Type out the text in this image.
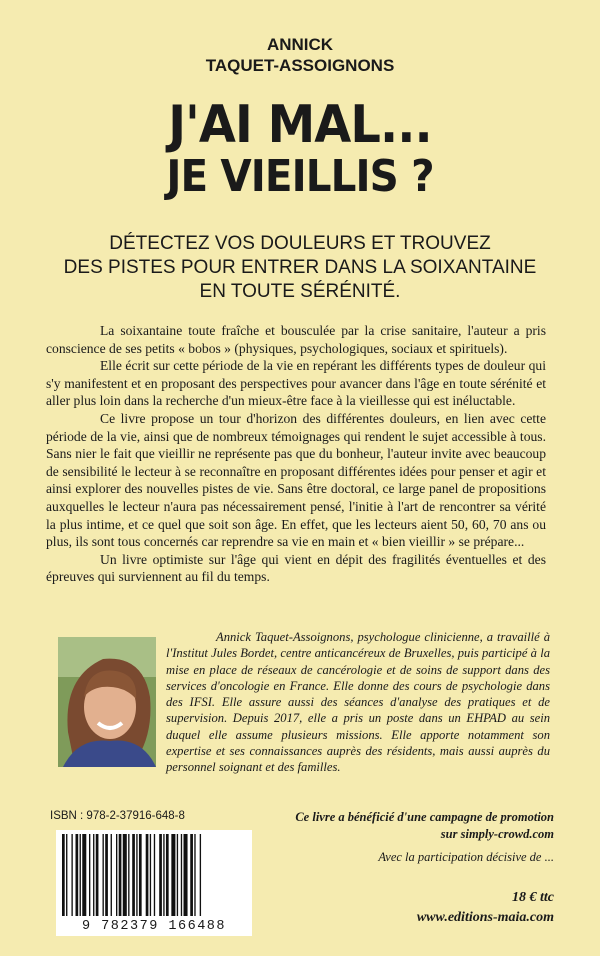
ANNICK
TAQUET-ASSOIGNONS
J'AI MAL...
JE VIEILLIS ?
DÉTECTEZ VOS DOULEURS ET TROUVEZ
DES PISTES POUR ENTRER DANS LA SOIXANTAINE
EN TOUTE SÉRÉNITÉ.

La soixantaine toute fraîche et bousculée par la crise sanitaire, l'auteur a pris conscience de ses petits « bobos » (physiques, psychologiques, sociaux et spirituels).

Elle écrit sur cette période de la vie en repérant les différents types de douleur qui s'y manifestent et en proposant des perspectives pour avancer dans l'âge en toute sérénité et aller plus loin dans la recherche d'un mieux-être face à la vieillesse qui est inéluctable.

Ce livre propose un tour d'horizon des différentes douleurs, en lien avec cette période de la vie, ainsi que de nombreux témoignages qui rendent le sujet accessible à tous. Sans nier le fait que vieillir ne représente pas que du bonheur, l'auteur invite avec beaucoup de sensibilité le lecteur à se reconnaître en proposant différentes idées pour penser et agir et ainsi explorer des nouvelles pistes de vie. Sans être doctoral, ce large panel de propositions auxquelles le lecteur n'aura pas nécessairement pensé, l'initie à l'art de rencontrer sa vérité la plus intime, et ce quel que soit son âge. En effet, que les lecteurs aient 50, 60, 70 ans ou plus, ils sont tous concernés car reprendre sa vie en main et « bien vieillir » se prépare...

Un livre optimiste sur l'âge qui vient en dépit des fragilités éventuelles et des épreuves qui surviennent au fil du temps.

Annick Taquet-Assoignons, psychologue clinicienne, a travaillé à l'Institut Jules Bordet, centre anticancéreux de Bruxelles, puis participé à la mise en place de réseaux de cancérologie et de soins de support dans des services d'oncologie en France. Elle donne des cours de psychologie dans des IFSI. Elle assure aussi des séances d'analyse des pratiques et de supervision. Depuis 2017, elle a pris un poste dans un EHPAD au sein duquel elle assume plusieurs missions. Elle apporte notamment son expertise et ses connaissances auprès des résidents, mais aussi auprès du personnel soignant et des familles.
ISBN : 978-2-37916-648-8
9 782379 166488
Ce livre a bénéficié d'une campagne de promotion
sur simply-crowd.com
Avec la participation décisive de ...
18 € ttc
www.editions-maia.com
